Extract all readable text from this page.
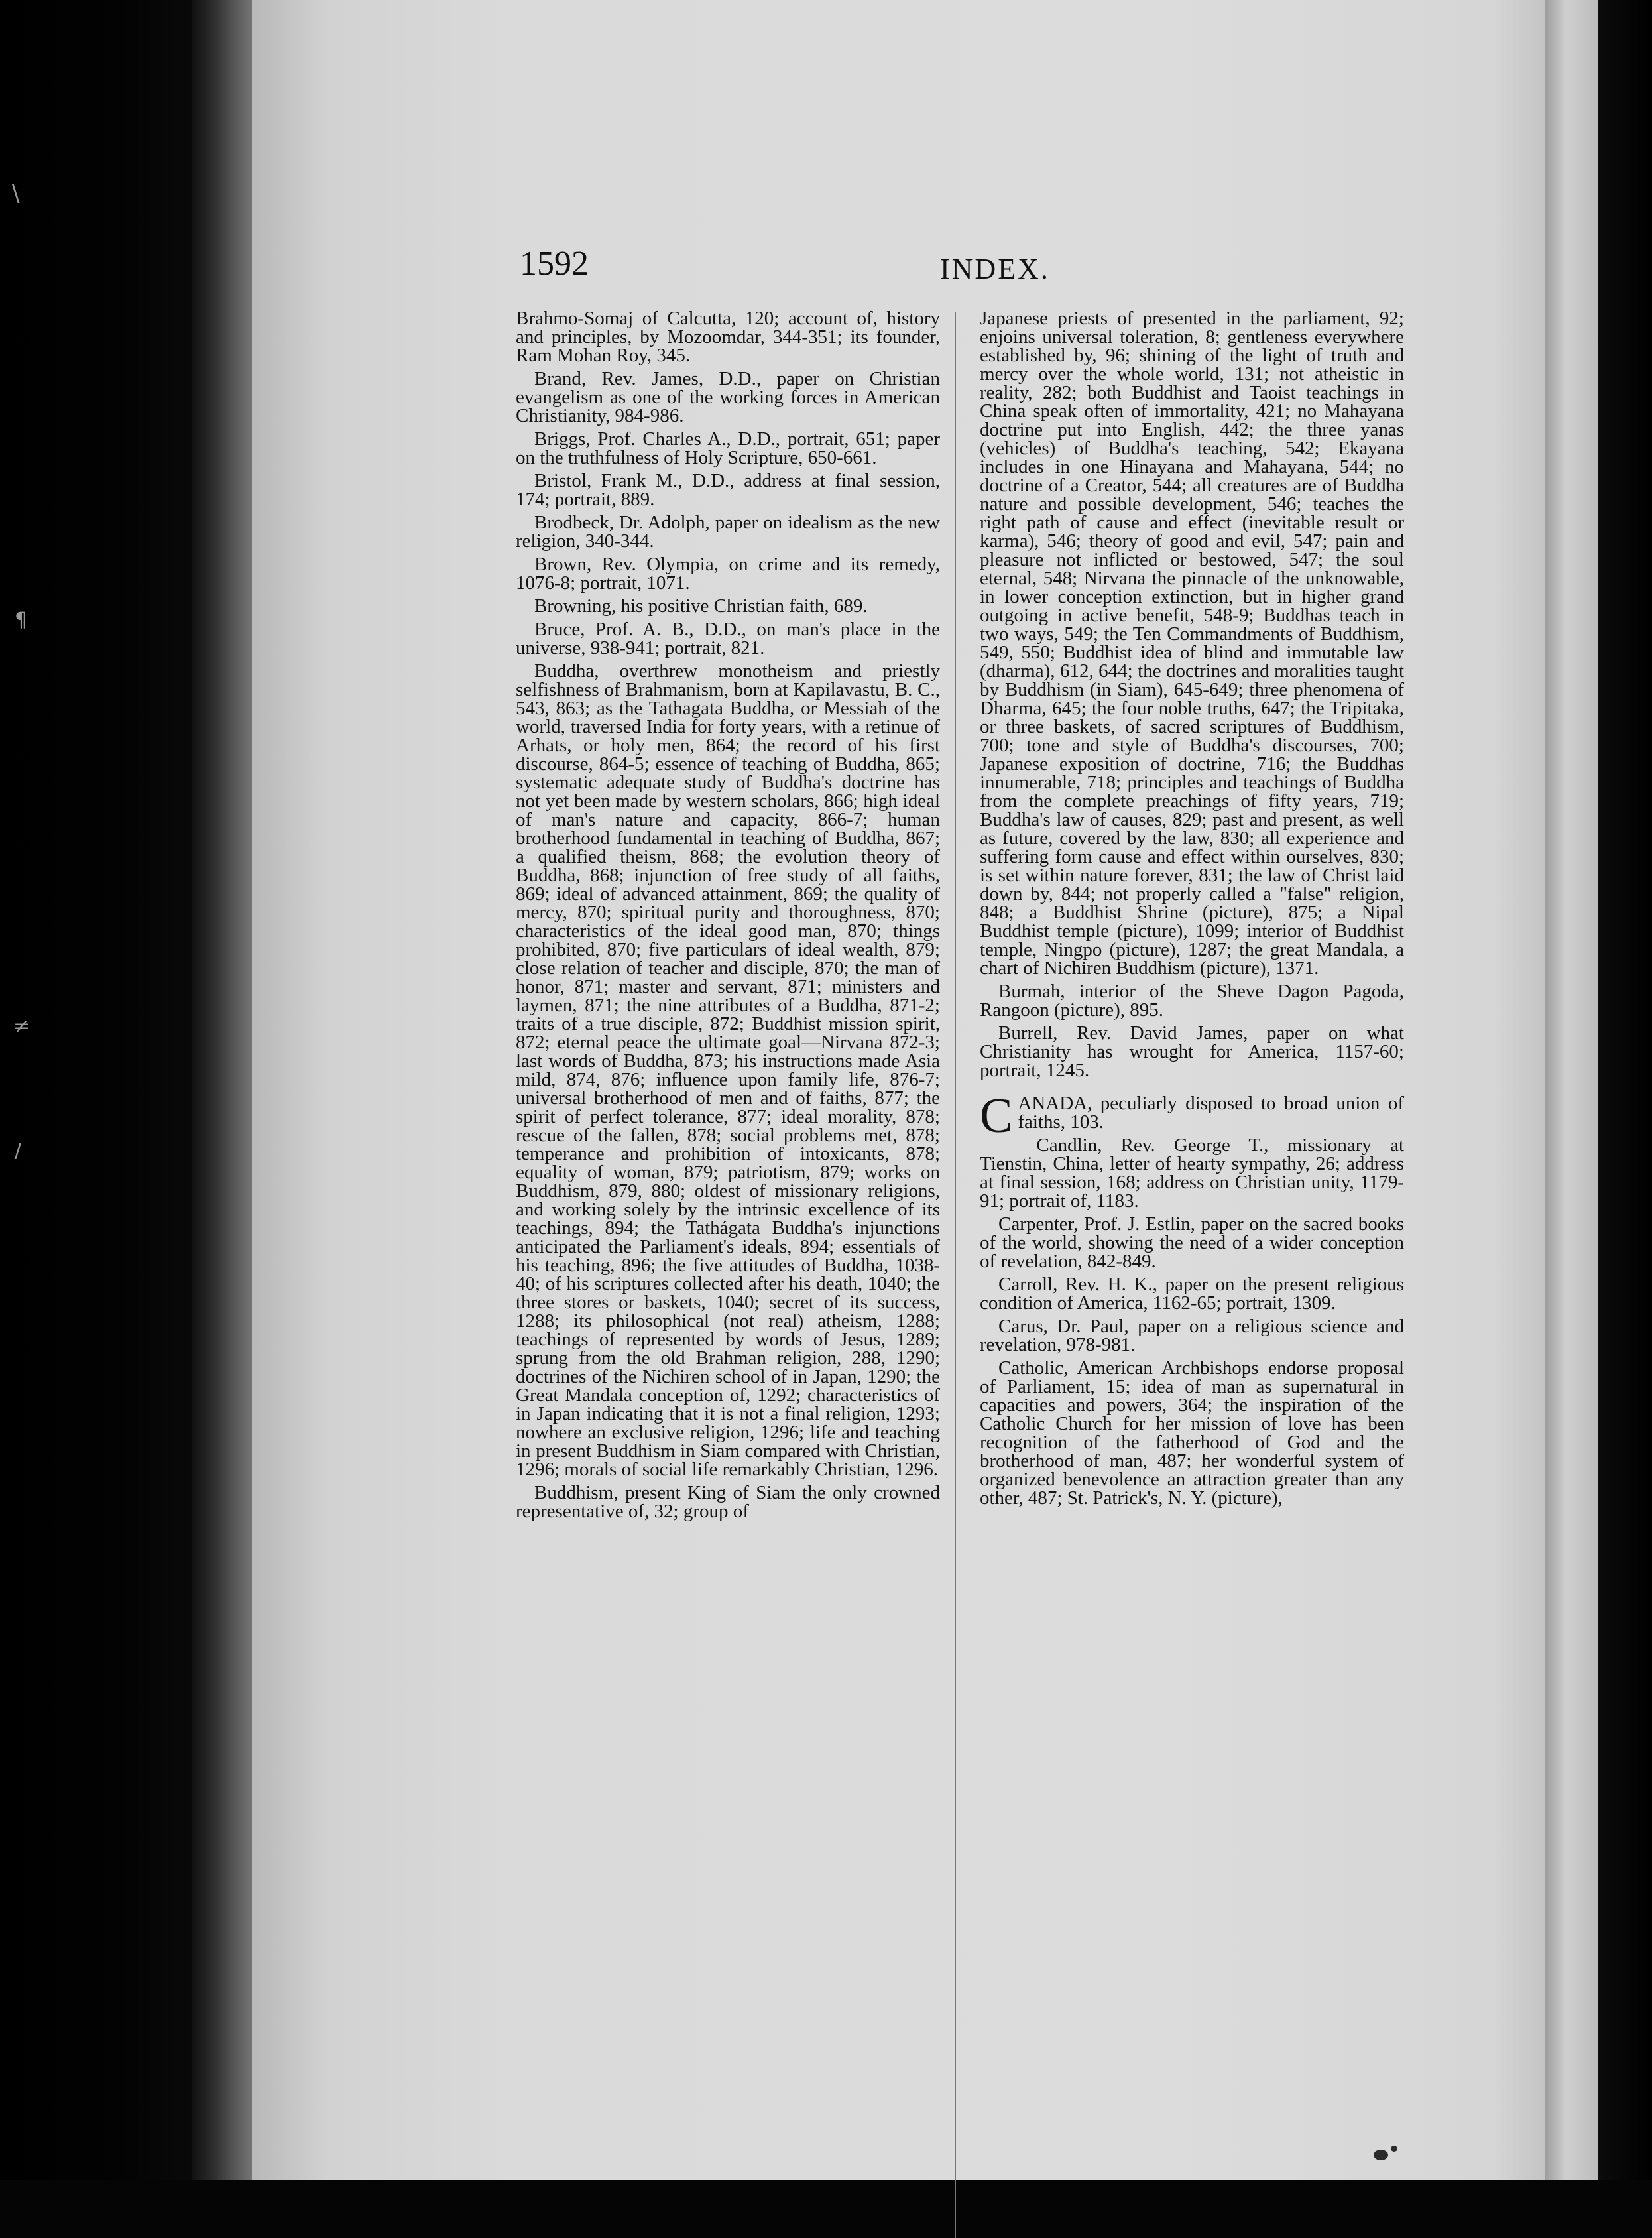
\
¶
≠
/
1592	INDEX.

Brahmo-Somaj of Calcutta, 120; account of, history and principles, by Mozoomdar, 344-351; its founder, Ram Mohan Roy, 345.

Brand, Rev. James, D.D., paper on Christian evangelism as one of the working forces in American Christianity, 984-986.

Briggs, Prof. Charles A., D.D., portrait, 651; paper on the truthfulness of Holy Scripture, 650-661.

Bristol, Frank M., D.D., address at final session, 174; portrait, 889.

Brodbeck, Dr. Adolph, paper on idealism as the new religion, 340-344.

Brown, Rev. Olympia, on crime and its remedy, 1076-8; portrait, 1071.

Browning, his positive Christian faith, 689.

Bruce, Prof. A. B., D.D., on man's place in the universe, 938-941; portrait, 821.

Buddha, overthrew monotheism and priestly selfishness of Brahmanism, born at Kapilavastu, B. C., 543, 863; as the Tathagata Buddha, or Messiah of the world, traversed India for forty years, with a retinue of Arhats, or holy men, 864; the record of his first discourse, 864-5; essence of teaching of Buddha, 865; systematic adequate study of Buddha's doctrine has not yet been made by western scholars, 866; high ideal of man's nature and capacity, 866-7; human brotherhood fundamental in teaching of Buddha, 867; a qualified theism, 868; the evolution theory of Buddha, 868; injunction of free study of all faiths, 869; ideal of advanced attainment, 869; the quality of mercy, 870; spiritual purity and thoroughness, 870; characteristics of the ideal good man, 870; things prohibited, 870; five particulars of ideal wealth, 879; close relation of teacher and disciple, 870; the man of honor, 871; master and servant, 871; ministers and laymen, 871; the nine attributes of a Buddha, 871-2; traits of a true disciple, 872; Buddhist mission spirit, 872; eternal peace the ultimate goal—Nirvana 872-3; last words of Buddha, 873; his instructions made Asia mild, 874, 876; influence upon family life, 876-7; universal brotherhood of men and of faiths, 877; the spirit of perfect tolerance, 877; ideal morality, 878; rescue of the fallen, 878; social problems met, 878; temperance and prohibition of intoxicants, 878; equality of woman, 879; patriotism, 879; works on Buddhism, 879, 880; oldest of missionary religions, and working solely by the intrinsic excellence of its teachings, 894; the Tathágata Buddha's injunctions anticipated the Parliament's ideals, 894; essentials of his teaching, 896; the five attitudes of Buddha, 1038-40; of his scriptures collected after his death, 1040; the three stores or baskets, 1040; secret of its success, 1288; its philosophical (not real) atheism, 1288; teachings of represented by words of Jesus, 1289; sprung from the old Brahman religion, 288, 1290; doctrines of the Nichiren school of in Japan, 1290; the Great Mandala conception of, 1292; characteristics of in Japan indicating that it is not a final religion, 1293; nowhere an exclusive religion, 1296; life and teaching in present Buddhism in Siam compared with Christian, 1296; morals of social life remarkably Christian, 1296.

Buddhism, present King of Siam the only crowned representative of, 32; group of

Japanese priests of presented in the parliament, 92; enjoins universal toleration, 8; gentleness everywhere established by, 96; shining of the light of truth and mercy over the whole world, 131; not atheistic in reality, 282; both Buddhist and Taoist teachings in China speak often of immortality, 421; no Mahayana doctrine put into English, 442; the three yanas (vehicles) of Buddha's teaching, 542; Ekayana includes in one Hinayana and Mahayana, 544; no doctrine of a Creator, 544; all creatures are of Buddha nature and possible development, 546; teaches the right path of cause and effect (inevitable result or karma), 546; theory of good and evil, 547; pain and pleasure not inflicted or bestowed, 547; the soul eternal, 548; Nirvana the pinnacle of the unknowable, in lower conception extinction, but in higher grand outgoing in active benefit, 548-9; Buddhas teach in two ways, 549; the Ten Commandments of Buddhism, 549, 550; Buddhist idea of blind and immutable law (dharma), 612, 644; the doctrines and moralities taught by Buddhism (in Siam), 645-649; three phenomena of Dharma, 645; the four noble truths, 647; the Tripitaka, or three baskets, of sacred scriptures of Buddhism, 700; tone and style of Buddha's discourses, 700; Japanese exposition of doctrine, 716; the Buddhas innumerable, 718; principles and teachings of Buddha from the complete preachings of fifty years, 719; Buddha's law of causes, 829; past and present, as well as future, covered by the law, 830; all experience and suffering form cause and effect within ourselves, 830; is set within nature forever, 831; the law of Christ laid down by, 844; not properly called a "false" religion, 848; a Buddhist Shrine (picture), 875; a Nipal Buddhist temple (picture), 1099; interior of Buddhist temple, Ningpo (picture), 1287; the great Mandala, a chart of Nichiren Buddhism (picture), 1371.

Burmah, interior of the Sheve Dagon Pagoda, Rangoon (picture), 895.

Burrell, Rev. David James, paper on what Christianity has wrought for America, 1157-60; portrait, 1245.

CANADA, peculiarly disposed to broad union of faiths, 103.

Candlin, Rev. George T., missionary at Tienstin, China, letter of hearty sympathy, 26; address at final session, 168; address on Christian unity, 1179-91; portrait of, 1183.

Carpenter, Prof. J. Estlin, paper on the sacred books of the world, showing the need of a wider conception of revelation, 842-849.

Carroll, Rev. H. K., paper on the present religious condition of America, 1162-65; portrait, 1309.

Carus, Dr. Paul, paper on a religious science and revelation, 978-981.

Catholic, American Archbishops endorse proposal of Parliament, 15; idea of man as supernatural in capacities and powers, 364; the inspiration of the Catholic Church for her mission of love has been recognition of the fatherhood of God and the brotherhood of man, 487; her wonderful system of organized benevolence an attraction greater than any other, 487; St. Patrick's, N. Y. (picture),
